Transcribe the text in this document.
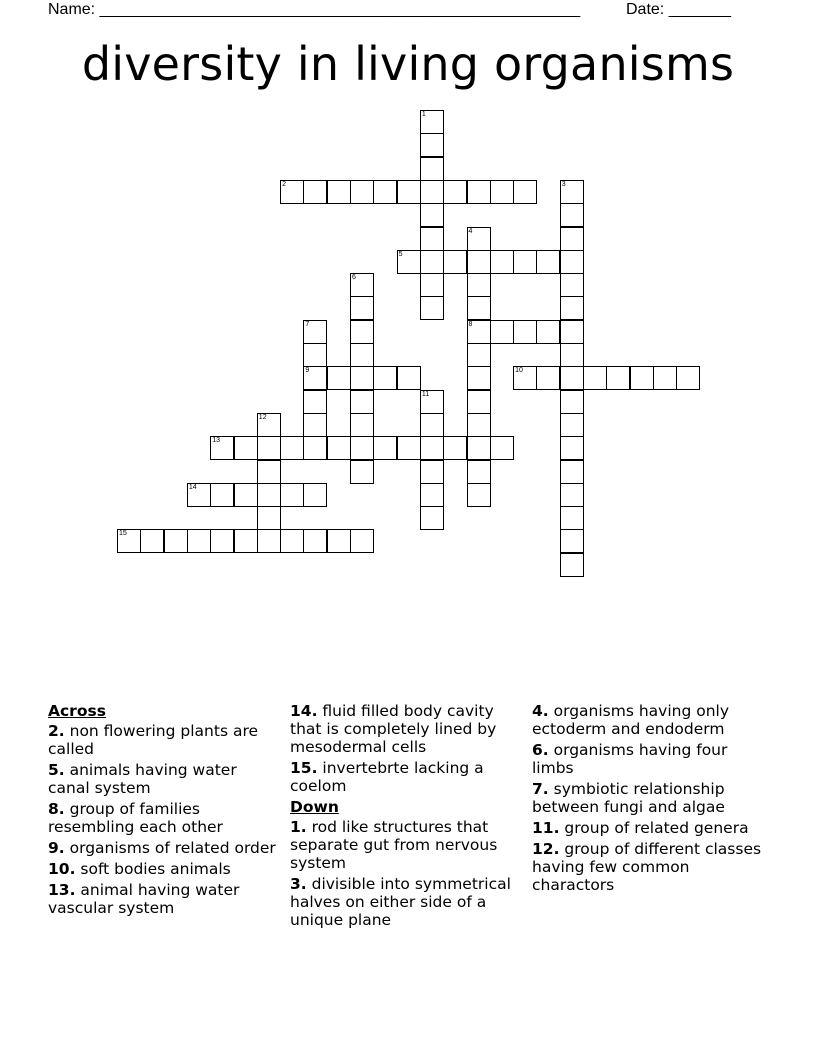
Name: ______________________________________________________	Date: _______
diversity in living organisms
1
2	3
4
8
5
6
7
9	10
11
12
13
14
15
Across
2. non flowering plants are called
5. animals having water canal system
8. group of families resembling each other
9. organisms of related order
10. soft bodies animals
13. animal having water vascular system
14. fluid filled body cavity that is completely lined by mesodermal cells
15. invertebrte lacking a coelom
Down
1. rod like structures that separate gut from nervous system
3. divisible into symmetrical halves on either side of a unique plane
4. organisms having only ectoderm and endoderm
6. organisms having four limbs
7. symbiotic relationship between fungi and algae
11. group of related genera
12. group of different classes having few common charactors
